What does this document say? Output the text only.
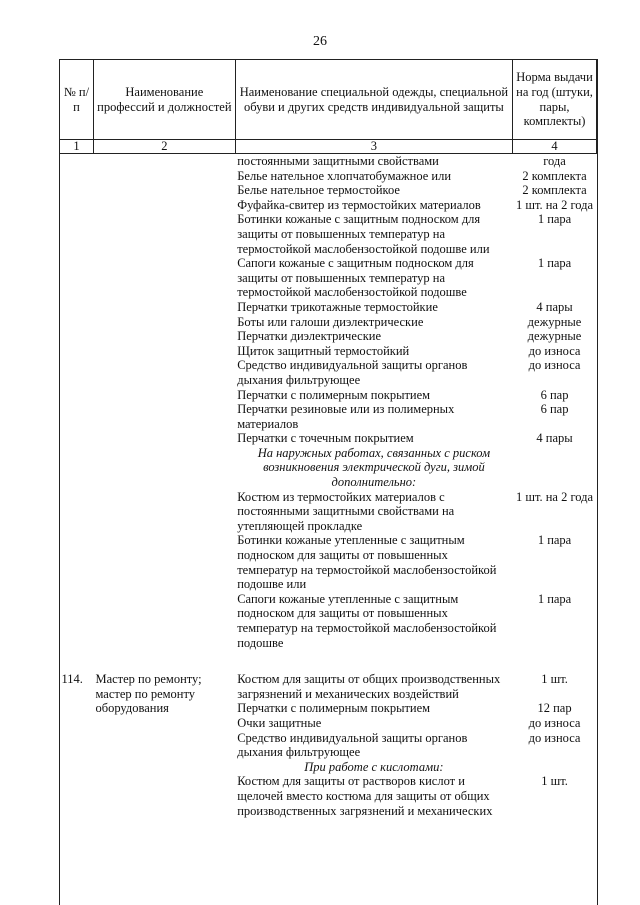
26
№ п/п	Наименование профессий и должностей	Наименование специальной одежды, специальной обуви и других средств индивидуальной защиты	Норма выдачи на год (штуки, пары, комплекты)
1	2	3	4
		постоянными защитными свойствами	года
		Белье нательное хлопчатобумажное или	2 комплекта
		Белье нательное термостойкое	2 комплекта
		Фуфайка-свитер из термостойких материалов	1 шт. на 2 года
		Ботинки кожаные с защитным подноском для защиты от повышенных температур на термостойкой маслобензостойкой подошве или	1 пара
		Сапоги кожаные с защитным подноском для защиты от повышенных температур на термостойкой маслобензостойкой подошве	1 пара
		Перчатки трикотажные термостойкие	4 пары
		Боты или галоши диэлектрические	дежурные
		Перчатки диэлектрические	дежурные
		Щиток защитный термостойкий	до износа
		Средство индивидуальной защиты органов дыхания фильтрующее	до износа
		Перчатки с полимерным покрытием	6 пар
		Перчатки резиновые или из полимерных материалов	6 пар
		Перчатки с точечным покрытием	4 пары
		На наружных работах, связанных с риском возникновения электрической дуги, зимой дополнительно:	
		Костюм из термостойких материалов с постоянными защитными свойствами на утепляющей прокладке	1 шт. на 2 года
		Ботинки кожаные утепленные с защитным подноском для защиты от повышенных температур на термостойкой маслобензостойкой подошве или	1 пара
		Сапоги кожаные утепленные с защитным подноском для защиты от повышенных температур на термостойкой маслобензостойкой подошве	1 пара

114.	Мастер по ремонту; мастер по ремонту оборудования	Костюм для защиты от общих производственных загрязнений и механических воздействий	1 шт.
		Перчатки с полимерным покрытием	12 пар
		Очки защитные	до износа
		Средство индивидуальной защиты органов дыхания фильтрующее	до износа
		При работе с кислотами:	
		Костюм для защиты от растворов кислот и щелочей вместо костюма для защиты от общих производственных загрязнений и механических	1 шт.
